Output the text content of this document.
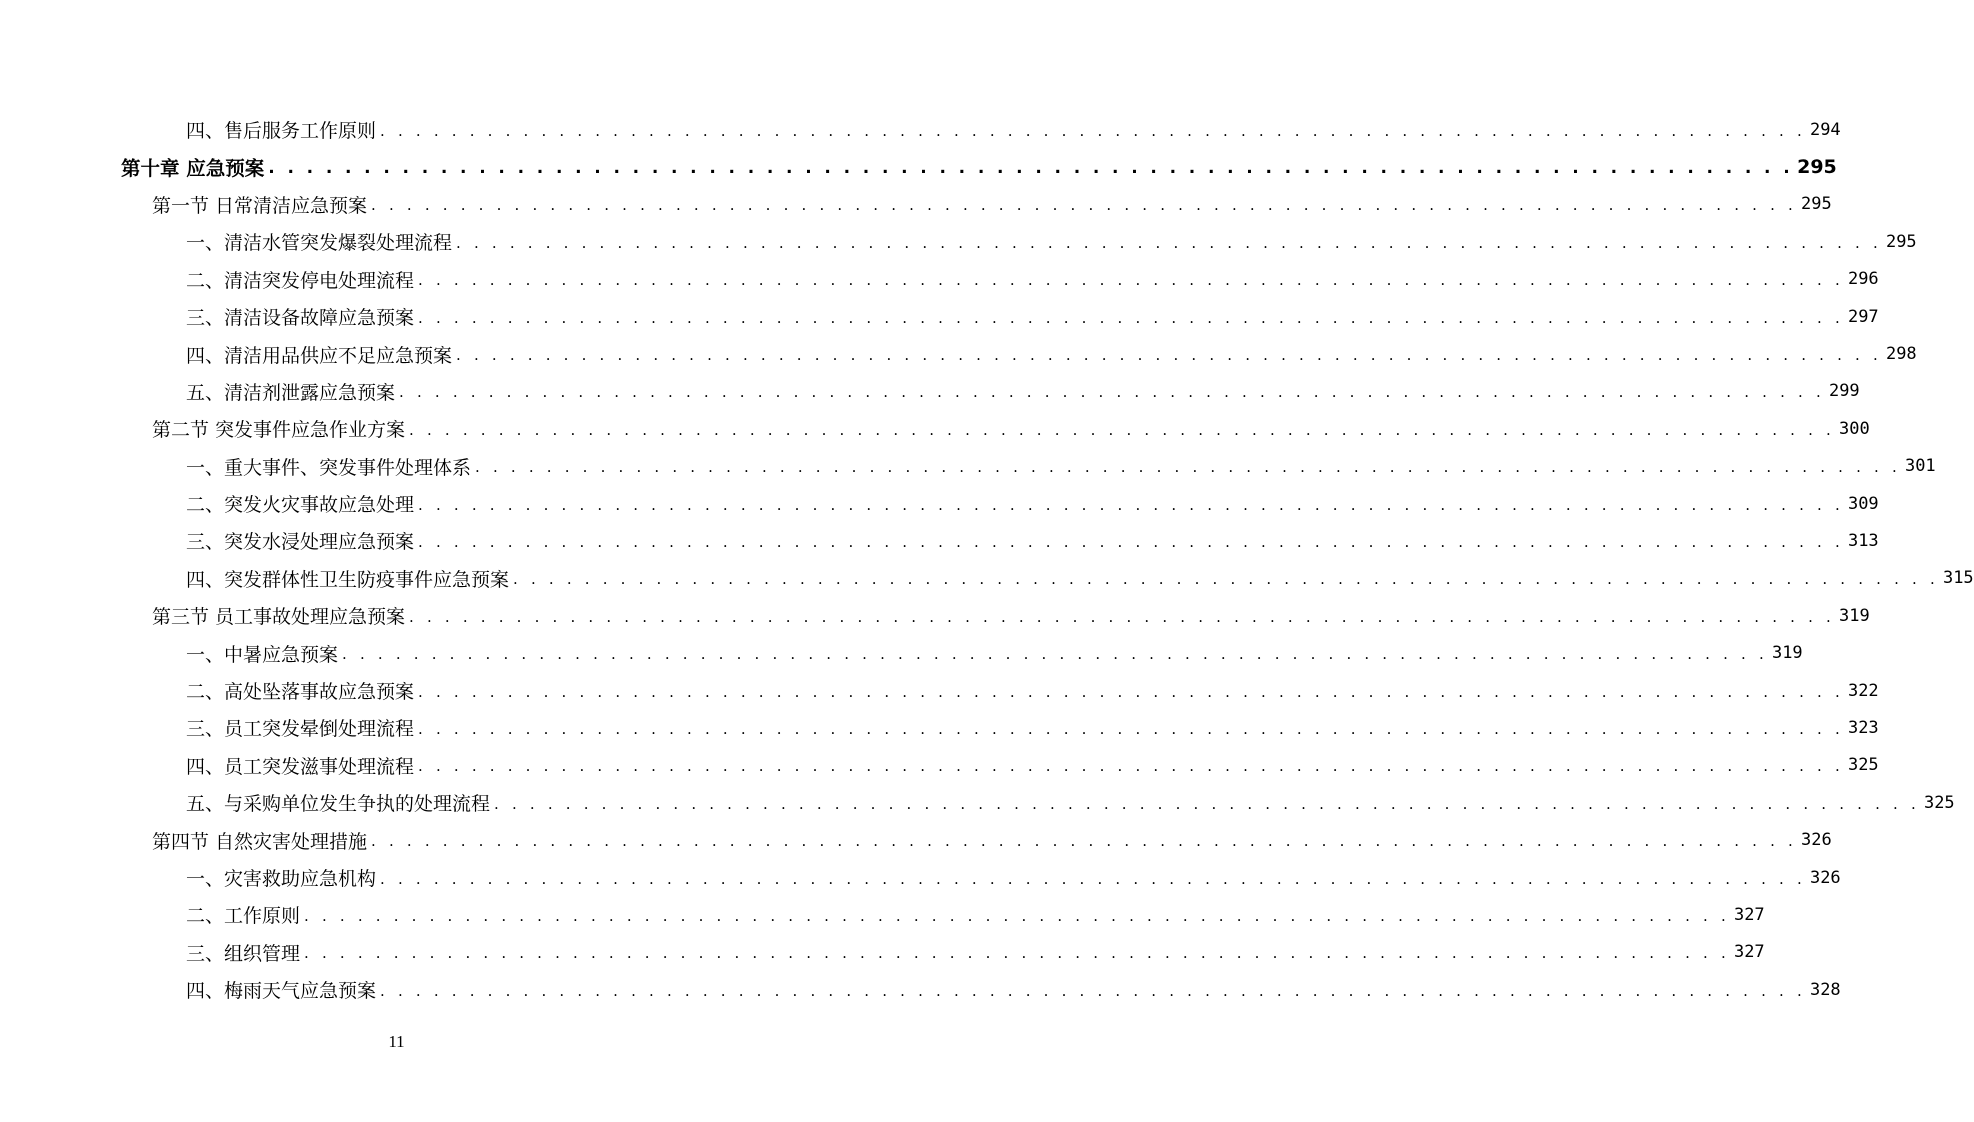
四、售后服务工作原则 . . . . . . . . . . . . . . . . . . . . . . . . . . . . . . . . . . . . . . . . . . . . . . . . . . . . . . . . . . . . . . . . . . . . . . . . . . . . . . . . 294
第十章 应急预案 . . . . . . . . . . . . . . . . . . . . . . . . . . . . . . . . . . . . . . . . . . . . . . . . . . . . . . . . . . . . . . . . . . . . . . . . . . . . . . . . 295
第一节 日常清洁应急预案 . . . . . . . . . . . . . . . . . . . . . . . . . . . . . . . . . . . . . . . . . . . . . . . . . . . . . . . . . . . . . . . . . . . . . . . . . . . . . . . . 295
一、清洁水管突发爆裂处理流程 . . . . . . . . . . . . . . . . . . . . . . . . . . . . . . . . . . . . . . . . . . . . . . . . . . . . . . . . . . . . . . . . . . . . . . . . . . . . . . . . 295
二、清洁突发停电处理流程 . . . . . . . . . . . . . . . . . . . . . . . . . . . . . . . . . . . . . . . . . . . . . . . . . . . . . . . . . . . . . . . . . . . . . . . . . . . . . . . . 296
三、清洁设备故障应急预案 . . . . . . . . . . . . . . . . . . . . . . . . . . . . . . . . . . . . . . . . . . . . . . . . . . . . . . . . . . . . . . . . . . . . . . . . . . . . . . . . 297
四、清洁用品供应不足应急预案 . . . . . . . . . . . . . . . . . . . . . . . . . . . . . . . . . . . . . . . . . . . . . . . . . . . . . . . . . . . . . . . . . . . . . . . . . . . . . . . . 298
五、清洁剂泄露应急预案 . . . . . . . . . . . . . . . . . . . . . . . . . . . . . . . . . . . . . . . . . . . . . . . . . . . . . . . . . . . . . . . . . . . . . . . . . . . . . . . . 299
第二节 突发事件应急作业方案 . . . . . . . . . . . . . . . . . . . . . . . . . . . . . . . . . . . . . . . . . . . . . . . . . . . . . . . . . . . . . . . . . . . . . . . . . . . . . . . . 300
一、重大事件、突发事件处理体系 . . . . . . . . . . . . . . . . . . . . . . . . . . . . . . . . . . . . . . . . . . . . . . . . . . . . . . . . . . . . . . . . . . . . . . . . . . . . . . . . 301
二、突发火灾事故应急处理 . . . . . . . . . . . . . . . . . . . . . . . . . . . . . . . . . . . . . . . . . . . . . . . . . . . . . . . . . . . . . . . . . . . . . . . . . . . . . . . . 309
三、突发水浸处理应急预案 . . . . . . . . . . . . . . . . . . . . . . . . . . . . . . . . . . . . . . . . . . . . . . . . . . . . . . . . . . . . . . . . . . . . . . . . . . . . . . . . 313
四、突发群体性卫生防疫事件应急预案 . . . . . . . . . . . . . . . . . . . . . . . . . . . . . . . . . . . . . . . . . . . . . . . . . . . . . . . . . . . . . . . . . . . . . . . . . . . . . . . . 315
第三节 员工事故处理应急预案 . . . . . . . . . . . . . . . . . . . . . . . . . . . . . . . . . . . . . . . . . . . . . . . . . . . . . . . . . . . . . . . . . . . . . . . . . . . . . . . . 319
一、中暑应急预案 . . . . . . . . . . . . . . . . . . . . . . . . . . . . . . . . . . . . . . . . . . . . . . . . . . . . . . . . . . . . . . . . . . . . . . . . . . . . . . . . 319
二、高处坠落事故应急预案 . . . . . . . . . . . . . . . . . . . . . . . . . . . . . . . . . . . . . . . . . . . . . . . . . . . . . . . . . . . . . . . . . . . . . . . . . . . . . . . . 322
三、员工突发晕倒处理流程 . . . . . . . . . . . . . . . . . . . . . . . . . . . . . . . . . . . . . . . . . . . . . . . . . . . . . . . . . . . . . . . . . . . . . . . . . . . . . . . . 323
四、员工突发滋事处理流程 . . . . . . . . . . . . . . . . . . . . . . . . . . . . . . . . . . . . . . . . . . . . . . . . . . . . . . . . . . . . . . . . . . . . . . . . . . . . . . . . 325
五、与采购单位发生争执的处理流程 . . . . . . . . . . . . . . . . . . . . . . . . . . . . . . . . . . . . . . . . . . . . . . . . . . . . . . . . . . . . . . . . . . . . . . . . . . . . . . . . 325
第四节 自然灾害处理措施 . . . . . . . . . . . . . . . . . . . . . . . . . . . . . . . . . . . . . . . . . . . . . . . . . . . . . . . . . . . . . . . . . . . . . . . . . . . . . . . . 326
一、灾害救助应急机构 . . . . . . . . . . . . . . . . . . . . . . . . . . . . . . . . . . . . . . . . . . . . . . . . . . . . . . . . . . . . . . . . . . . . . . . . . . . . . . . . 326
二、工作原则 . . . . . . . . . . . . . . . . . . . . . . . . . . . . . . . . . . . . . . . . . . . . . . . . . . . . . . . . . . . . . . . . . . . . . . . . . . . . . . . . 327
三、组织管理 . . . . . . . . . . . . . . . . . . . . . . . . . . . . . . . . . . . . . . . . . . . . . . . . . . . . . . . . . . . . . . . . . . . . . . . . . . . . . . . . 327
四、梅雨天气应急预案 . . . . . . . . . . . . . . . . . . . . . . . . . . . . . . . . . . . . . . . . . . . . . . . . . . . . . . . . . . . . . . . . . . . . . . . . . . . . . . . . 328
11
